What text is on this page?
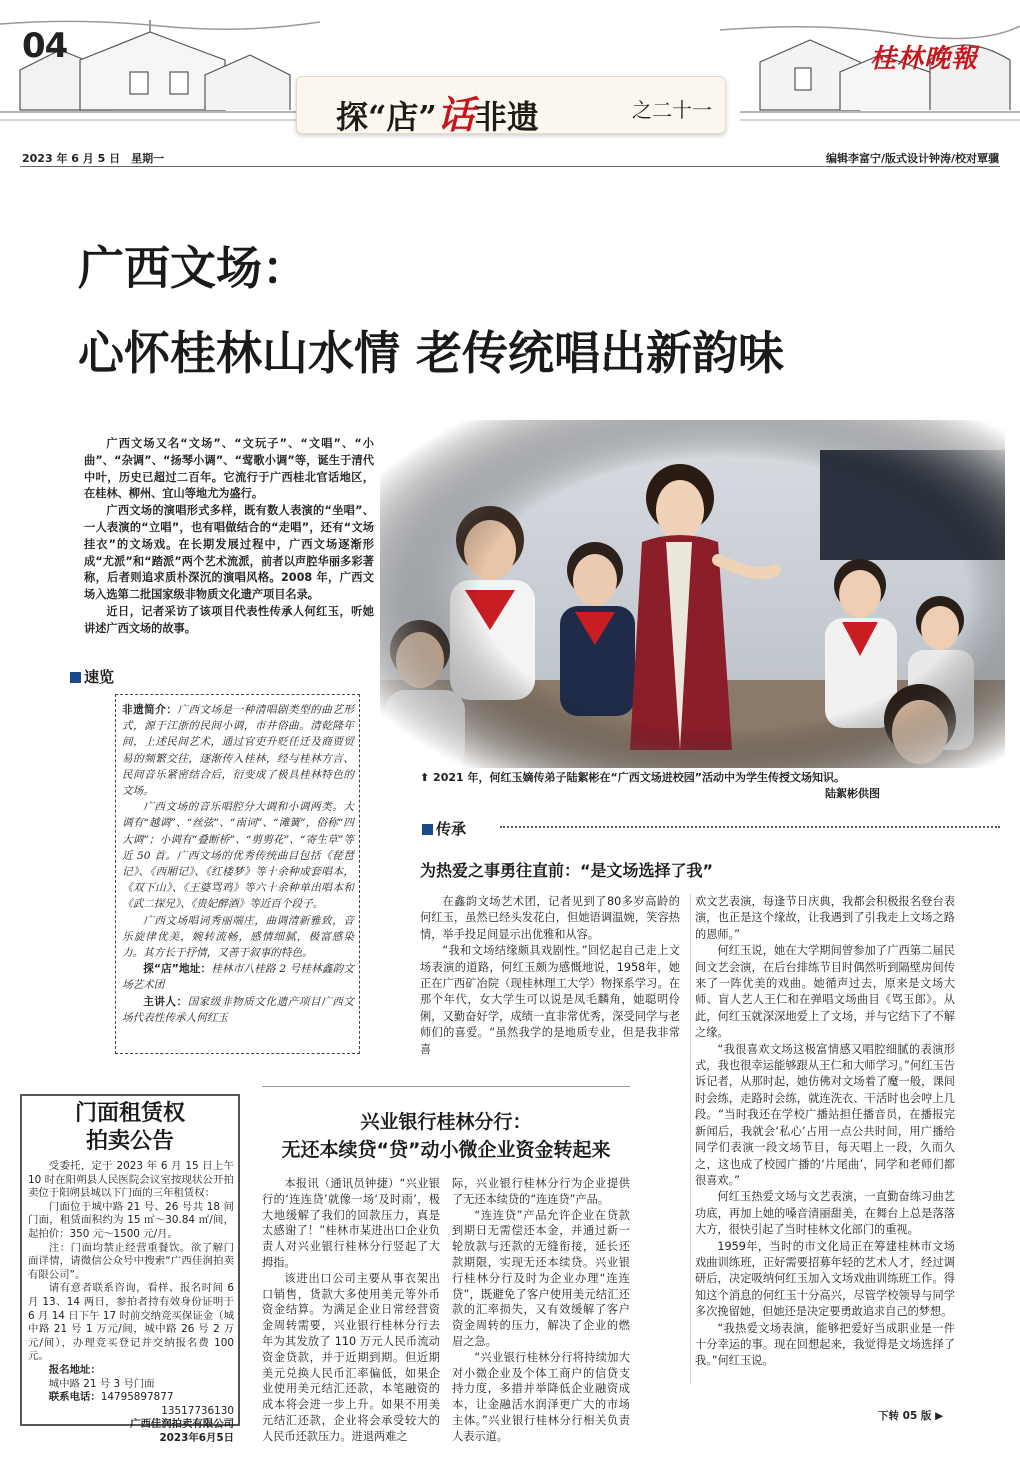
04	桂林晚報
探“店”话非遗	之二十一
2023 年 6 月 5 日　星期一	编辑李富宁/版式设计钟涛/校对覃骥
广西文场：
心怀桂林山水情 老传统唱出新韵味

广西文场又名“文场”、“文玩子”、“文唱”、“小曲”、“杂调”、“扬琴小调”、“莺歌小调”等，诞生于清代中叶，历史已超过二百年。它流行于广西桂北官话地区，在桂林、柳州、宜山等地尤为盛行。

广西文场的演唱形式多样，既有数人表演的“坐唱”、一人表演的“立唱”，也有唱做结合的“走唱”，还有“文场挂衣”的文场戏。在长期发展过程中，广西文场逐渐形成“尤派”和“踏派”两个艺术流派，前者以声腔华丽多彩著称，后者则追求质朴深沉的演唱风格。2008 年，广西文场入选第二批国家级非物质文化遗产项目名录。

近日，记者采访了该项目代表性传承人何红玉，听她讲述广西文场的故事。

⬆ 2021 年，何红玉嫡传弟子陆絮彬在“广西文场进校园”活动中为学生传授文场知识。
陆絮彬供图
速览

非遗简介：广西文场是一种清唱剧类型的曲艺形式，源于江浙的民间小调，市井俗曲。清乾隆年间，上述民间艺术，通过官吏升贬任迁及商贾贸易的频繁交往，逐渐传入桂林，经与桂林方言、民间音乐紧密结合后，衍变成了极具桂林特色的文场。

广西文场的音乐唱腔分大调和小调两类。大调有“越调”、“丝弦”、“南词”、“滩簧”，俗称“四大调”；小调有“叠断桥”、“剪剪花”、“寄生草”等近 50 首。广西文场的优秀传统曲目包括《琵琶记》、《西厢记》、《红楼梦》等十余种成套唱本，《双下山》、《王婆骂鸡》等六十余种单出唱本和《武二探兄》、《贵妃醉酒》等近百个段子。

广西文场唱词秀丽端庄，曲调清新雅致，音乐旋律优美，婉转流畅，感情细腻，极富感染力。其方长于抒情，又善于叙事的特色。

探“店”地址：桂林市八桂路 2 号桂林鑫韵文场艺术团

主讲人：国家级非物质文化遗产项目广西文场代表性传承人何红玉

传承
为热爱之事勇往直前：“是文场选择了我”

在鑫韵文场艺术团，记者见到了80多岁高龄的何红玉，虽然已经头发花白，但她语调温婉，笑容热情，举手投足间显示出优雅和从容。

“我和文场结缘颇具戏剧性。”回忆起自己走上文场表演的道路，何红玉颇为感慨地说，1958年，她正在广西矿冶院（现桂林理工大学）物探系学习。在那个年代，女大学生可以说是凤毛麟角，她聪明伶俐，又勤奋好学，成绩一直非常优秀，深受同学与老师们的喜爱。“虽然我学的是地质专业，但是我非常喜

欢文艺表演，每逢节日庆典，我都会积极报名登台表演，也正是这个缘故，让我遇到了引我走上文场之路的恩师。”

何红玉说，她在大学期间曾参加了广西第二届民间文艺会演，在后台排练节目时偶然听到隔壁房间传来了一阵优美的戏曲。她循声过去，原来是文场大师、盲人艺人王仁和在弹唱文场曲目《骂玉郎》。从此，何红玉就深深地爱上了文场，并与它结下了不解之缘。

“我很喜欢文场这极富情感又唱腔细腻的表演形式，我也很幸运能够跟从王仁和大师学习。”何红玉告诉记者，从那时起，她仿佛对文场着了魔一般，课间时会练，走路时会练，就连洗衣、干活时也会哼上几段。“当时我还在学校广播站担任播音员，在播报完新闻后，我就会‘私心’占用一点公共时间，用广播给同学们表演一段文场节目，每天唱上一段，久而久之，这也成了校园广播的‘片尾曲’，同学和老师们都很喜欢。”

何红玉热爱文场与文艺表演，一直勤奋练习曲艺功底，再加上她的嗓音清丽甜美，在舞台上总是落落大方，很快引起了当时桂林文化部门的重视。

1959年，当时的市文化局正在筹建桂林市文场戏曲训练班，正好需要招募年轻的艺术人才，经过调研后，决定吸纳何红玉加入文场戏曲训练班工作。得知这个消息的何红玉十分高兴，尽管学校领导与同学多次挽留她，但她还是决定要勇敢追求自己的梦想。

“我热爱文场表演，能够把爱好当成职业是一件十分幸运的事。现在回想起来，我觉得是文场选择了我。”何红玉说。

下转 05 版 ▶
门面租赁权
拍卖公告

受委托，定于 2023 年 6 月 15 日上午 10 时在阳朔县人民医院会议室按现状公开拍卖位于阳朔县城以下门面的三年租赁权：

门面位于城中路 21 号、26 号共 18 间门面，租赁面积约为 15 ㎡～30.84 ㎡/间，起拍价：350 元～1500 元/月。

注：门面均禁止经营重餐饮。欲了解门面详情，请微信公众号中搜索“广西佳润拍卖有限公司”。

请有意者联系咨询，看样、报名时间 6 月 13、14 两日，参拍者持有效身份证明于 6 月 14 日下午 17 时前交纳竞买保证金（城中路 21 号 1 万元/间，城中路 26 号 2 万元/间），办理竞买登记并交纳报名费 100 元。

报名地址：

城中路 21 号 3 号门面

联系电话：14795897877

13517736130

广西佳润拍卖有限公司

2023年6月5日

兴业银行桂林分行：
无还本续贷“贷”动小微企业资金转起来

本报讯（通讯员钟捷）“兴业银行的‘连连贷’就像一场‘及时雨’，极大地缓解了我们的回款压力，真是太感谢了！”桂林市某进出口企业负责人对兴业银行桂林分行竖起了大拇指。

该进出口公司主要从事衣架出口销售，货款大多使用美元等外币资金结算。为满足企业日常经营资金周转需要，兴业银行桂林分行去年为其发放了 110 万元人民币流动资金贷款，并于近期到期。但近期美元兑换人民币汇率偏低，如果企业使用美元结汇还款，本笔融资的成本将会进一步上升。如果不用美元结汇还款，企业将会承受较大的人民币还款压力。进退两难之

际，兴业银行桂林分行为企业提供了无还本续贷的“连连贷”产品。

“连连贷”产品允许企业在贷款到期日无需偿还本金，并通过新一轮放款与还款的无缝衔接，延长还款期限，实现无还本续贷。兴业银行桂林分行及时为企业办理“连连贷”，既避免了客户使用美元结汇还款的汇率损失，又有效缓解了客户资金周转的压力，解决了企业的燃眉之急。

“兴业银行桂林分行将持续加大对小微企业及个体工商户的信贷支持力度，多措并举降低企业融资成本，让金融活水润泽更广大的市场主体。”兴业银行桂林分行相关负责人表示道。
